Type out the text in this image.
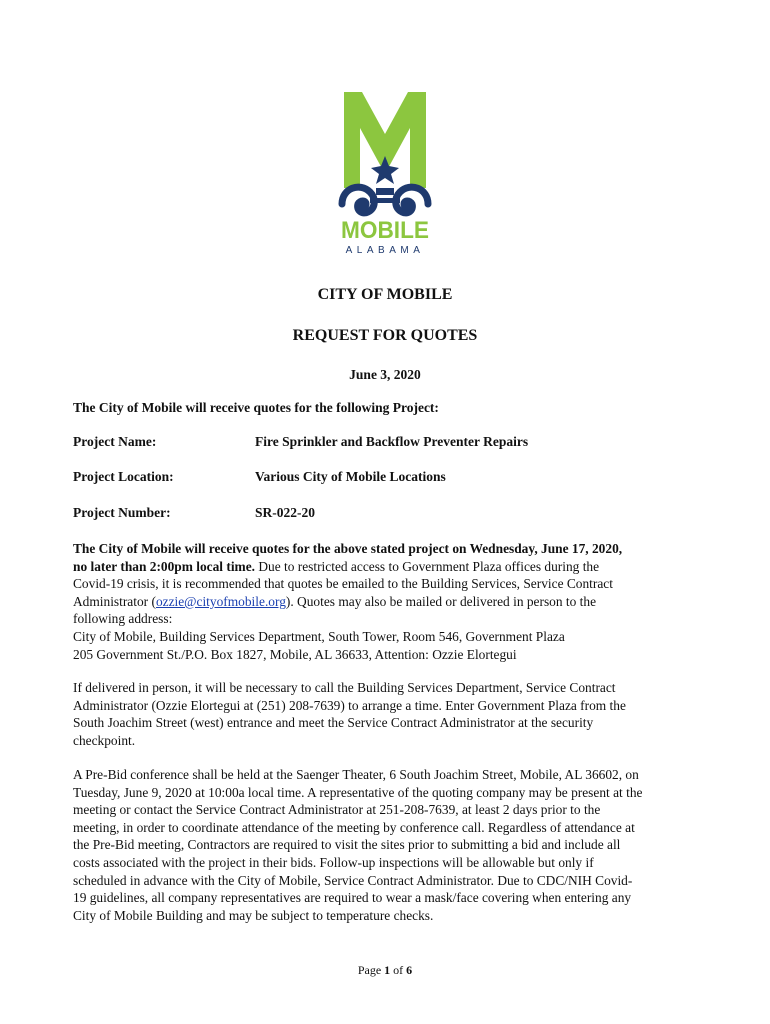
MOBILE
ALABAMA
CITY OF MOBILE
REQUEST FOR QUOTES
June 3, 2020
The City of Mobile will receive quotes for the following Project:
Project Name:	Fire Sprinkler and Backflow Preventer Repairs
Project Location:	Various City of Mobile Locations
Project Number:	SR-022-20
The City of Mobile will receive quotes for the above stated project on Wednesday, June 17, 2020,
no later than 2:00pm local time. Due to restricted access to Government Plaza offices during the
Covid-19 crisis, it is recommended that quotes be emailed to the Building Services, Service Contract
Administrator (ozzie@cityofmobile.org). Quotes may also be mailed or delivered in person to the
following address:
City of Mobile, Building Services Department, South Tower, Room 546, Government Plaza
205 Government St./P.O. Box 1827, Mobile, AL 36633, Attention: Ozzie Elortegui
If delivered in person, it will be necessary to call the Building Services Department, Service Contract
Administrator (Ozzie Elortegui at (251) 208-7639) to arrange a time. Enter Government Plaza from the
South Joachim Street (west) entrance and meet the Service Contract Administrator at the security
checkpoint.
A Pre-Bid conference shall be held at the Saenger Theater, 6 South Joachim Street, Mobile, AL 36602, on
Tuesday, June 9, 2020 at 10:00a local time. A representative of the quoting company may be present at the
meeting or contact the Service Contract Administrator at 251-208-7639, at least 2 days prior to the
meeting, in order to coordinate attendance of the meeting by conference call. Regardless of attendance at
the Pre-Bid meeting, Contractors are required to visit the sites prior to submitting a bid and include all
costs associated with the project in their bids. Follow-up inspections will be allowable but only if
scheduled in advance with the City of Mobile, Service Contract Administrator. Due to CDC/NIH Covid-
19 guidelines, all company representatives are required to wear a mask/face covering when entering any
City of Mobile Building and may be subject to temperature checks.
Page 1 of 6
